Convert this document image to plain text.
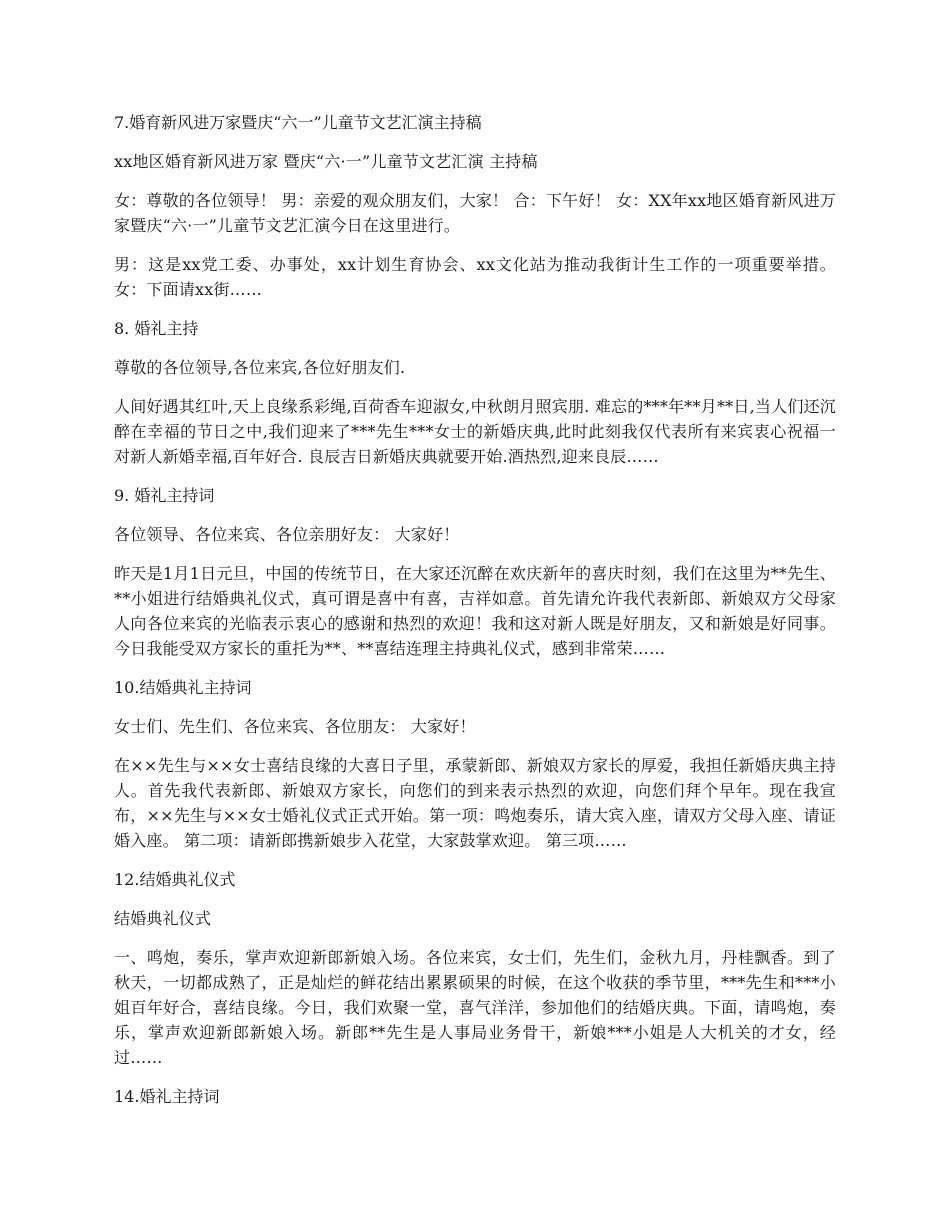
7.婚育新风进万家暨庆“六一”儿童节文艺汇演主持稿

xx地区婚育新风进万家 暨庆“六·一”儿童节文艺汇演 主持稿

女：尊敬的各位领导！ 男：亲爱的观众朋友们，大家！ 合：下午好！ 女：XX年xx地区婚育新风进万家暨庆“六·一”儿童节文艺汇演今日在这里进行。

男：这是xx党工委、办事处，xx计划生育协会、xx文化站为推动我街计生工作的一项重要举措。 女：下面请xx街……

8. 婚礼主持

尊敬的各位领导,各位来宾,各位好朋友们.

人间好遇其红叶,天上良缘系彩绳,百荷香车迎淑女,中秋朗月照宾朋. 难忘的***年**月**日,当人们还沉醉在幸福的节日之中,我们迎来了***先生***女士的新婚庆典,此时此刻我仅代表所有来宾衷心祝福一对新人新婚幸福,百年好合. 良辰吉日新婚庆典就要开始.酒热烈,迎来良辰……

9. 婚礼主持词

各位领导、各位来宾、各位亲朋好友： 大家好！

昨天是1月1日元旦，中国的传统节日，在大家还沉醉在欢庆新年的喜庆时刻，我们在这里为**先生、**小姐进行结婚典礼仪式，真可谓是喜中有喜，吉祥如意。首先请允许我代表新郎、新娘双方父母家人向各位来宾的光临表示衷心的感谢和热烈的欢迎！我和这对新人既是好朋友，又和新娘是好同事。今日我能受双方家长的重托为**、**喜结连理主持典礼仪式，感到非常荣……

10.结婚典礼主持词

女士们、先生们、各位来宾、各位朋友： 大家好！

在××先生与××女士喜结良缘的大喜日子里，承蒙新郎、新娘双方家长的厚爱，我担任新婚庆典主持人。首先我代表新郎、新娘双方家长，向您们的到来表示热烈的欢迎，向您们拜个早年。现在我宣布，××先生与××女士婚礼仪式正式开始。第一项：鸣炮奏乐，请大宾入座，请双方父母入座、请证婚入座。 第二项：请新郎携新娘步入花堂，大家鼓掌欢迎。 第三项……

12.结婚典礼仪式

结婚典礼仪式

一、鸣炮，奏乐，掌声欢迎新郎新娘入场。各位来宾，女士们，先生们，金秋九月，丹桂飘香。到了秋天，一切都成熟了，正是灿烂的鲜花结出累累硕果的时候，在这个收获的季节里，***先生和***小姐百年好合，喜结良缘。今日，我们欢聚一堂，喜气洋洋，参加他们的结婚庆典。下面，请鸣炮，奏乐，掌声欢迎新郎新娘入场。新郎**先生是人事局业务骨干，新娘***小姐是人大机关的才女，经过……

14.婚礼主持词
